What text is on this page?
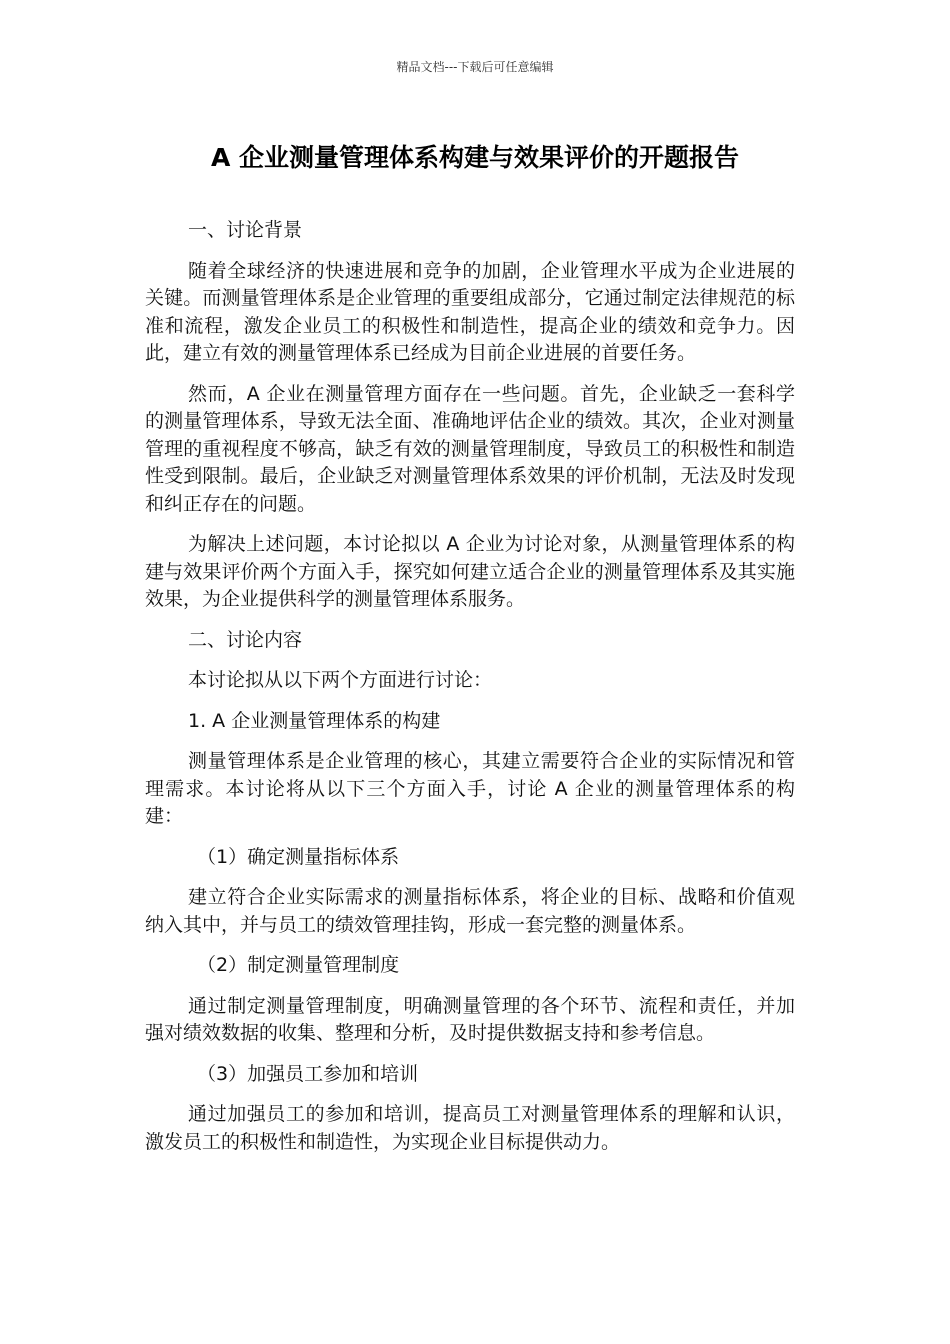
精品文档---下载后可任意编辑
A 企业测量管理体系构建与效果评价的开题报告

一、讨论背景

随着全球经济的快速进展和竞争的加剧，企业管理水平成为企业进展的关键。而测量管理体系是企业管理的重要组成部分，它通过制定法律规范的标准和流程，激发企业员工的积极性和制造性，提高企业的绩效和竞争力。因此，建立有效的测量管理体系已经成为目前企业进展的首要任务。

然而，A 企业在测量管理方面存在一些问题。首先，企业缺乏一套科学的测量管理体系，导致无法全面、准确地评估企业的绩效。其次，企业对测量管理的重视程度不够高，缺乏有效的测量管理制度，导致员工的积极性和制造性受到限制。最后，企业缺乏对测量管理体系效果的评价机制，无法及时发现和纠正存在的问题。

为解决上述问题，本讨论拟以 A 企业为讨论对象，从测量管理体系的构建与效果评价两个方面入手，探究如何建立适合企业的测量管理体系及其实施效果，为企业提供科学的测量管理体系服务。

二、讨论内容

本讨论拟从以下两个方面进行讨论：

1. A 企业测量管理体系的构建

测量管理体系是企业管理的核心，其建立需要符合企业的实际情况和管理需求。本讨论将从以下三个方面入手，讨论 A 企业的测量管理体系的构建：

（1）确定测量指标体系

建立符合企业实际需求的测量指标体系，将企业的目标、战略和价值观纳入其中，并与员工的绩效管理挂钩，形成一套完整的测量体系。

（2）制定测量管理制度

通过制定测量管理制度，明确测量管理的各个环节、流程和责任，并加强对绩效数据的收集、整理和分析，及时提供数据支持和参考信息。

（3）加强员工参加和培训

通过加强员工的参加和培训，提高员工对测量管理体系的理解和认识，激发员工的积极性和制造性，为实现企业目标提供动力。
